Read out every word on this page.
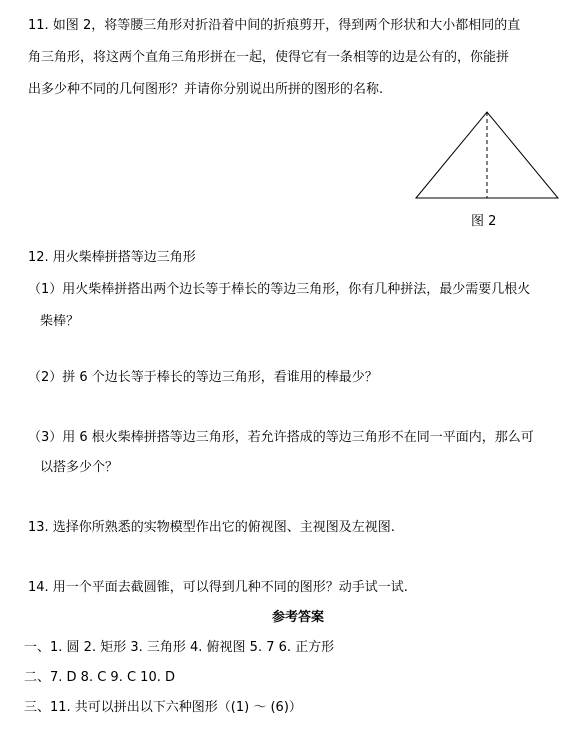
11. 如图 2，将等腰三角形对折沿着中间的折痕剪开，得到两个形状和大小都相同的直
角三角形，将这两个直角三角形拼在一起，使得它有一条相等的边是公有的，你能拼
出多少种不同的几何图形？并请你分别说出所拼的图形的名称.
图 2
12. 用火柴棒拼搭等边三角形
（1）用火柴棒拼搭出两个边长等于棒长的等边三角形，你有几种拼法，最少需要几根火
柴棒？
（2）拼 6 个边长等于棒长的等边三角形，看谁用的棒最少？
（3）用 6 根火柴棒拼搭等边三角形，若允许搭成的等边三角形不在同一平面内，那么可
以搭多少个？
13. 选择你所熟悉的实物模型作出它的俯视图、主视图及左视图.
14. 用一个平面去截圆锥，可以得到几种不同的图形？动手试一试.
参考答案
一、1. 圆 2. 矩形 3. 三角形 4. 俯视图 5. 7 6. 正方形
二、7. D 8. C 9. C 10. D
三、11. 共可以拼出以下六种图形（(1) ～ (6)）
